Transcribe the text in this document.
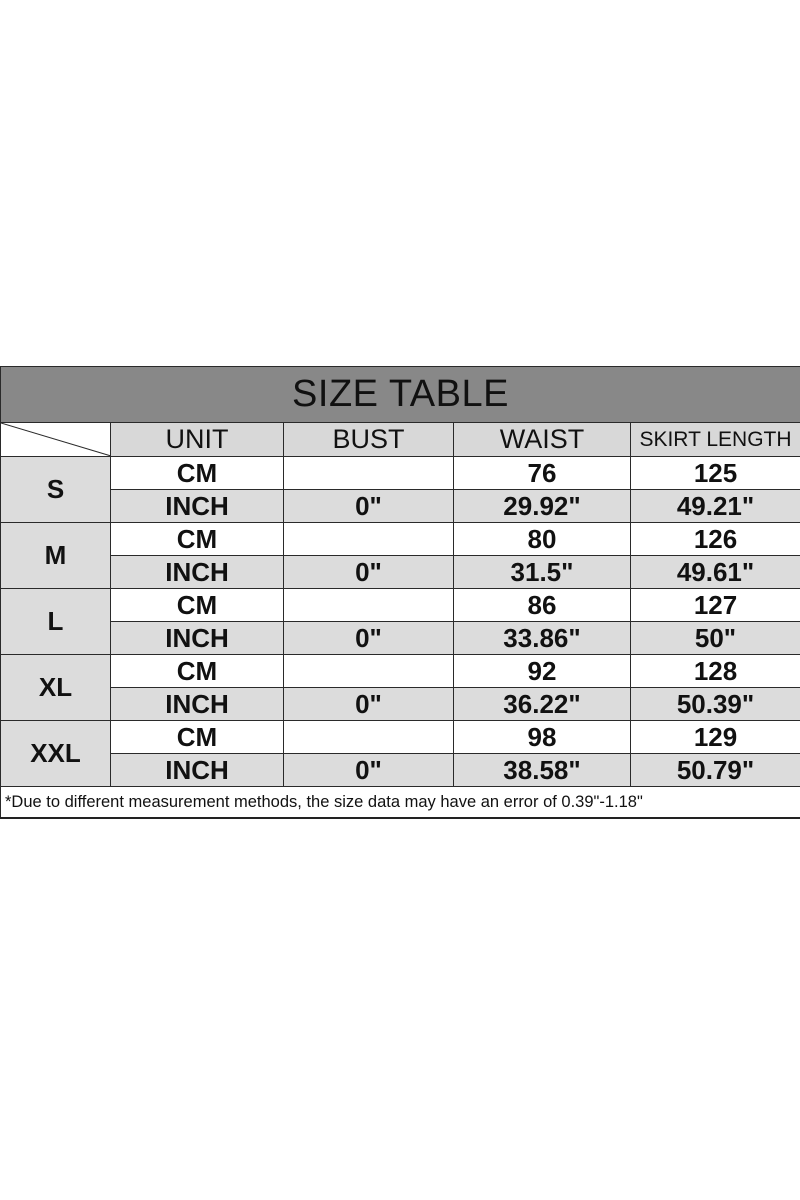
SIZE TABLE				

	UNIT	BUST	WAIST	SKIRT LENGTH
S	CM		76	125
	INCH	0"	29.92"	49.21"
M	CM		80	126
	INCH	0"	31.5"	49.61"
L	CM		86	127
	INCH	0"	33.86"	50"
XL	CM		92	128
	INCH	0"	36.22"	50.39"
XXL	CM		98	129
	INCH	0"	38.58"	50.79"
*Due to different measurement methods, the size data may have an error of 0.39"-1.18"				
